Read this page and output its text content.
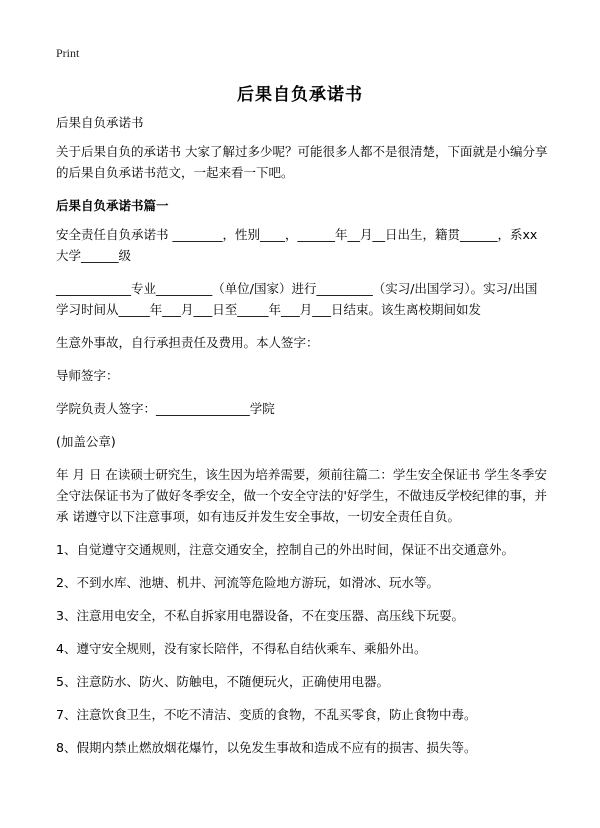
Print
后果自负承诺书

后果自负承诺书

关于后果自负的承诺书 大家了解过多少呢？可能很多人都不是很清楚，下面就是小编分享的后果自负承诺书范文，一起来看一下吧。

后果自负承诺书篇一

安全责任自负承诺书 ________，性别____，______年__月__日出生，籍贯______，系xx大学______级

____________专业_________（单位/国家）进行_________（实习/出国学习）。实习/出国学习时间从_____年___月___日至_____年___月___日结束。该生离校期间如发

生意外事故，自行承担责任及费用。本人签字：

导师签字：

学院负责人签字：_______________学院

(加盖公章)

年 月 日 在读硕士研究生，该生因为培养需要，须前往篇二：学生安全保证书 学生冬季安全守法保证书为了做好冬季安全，做一个安全守法的'好学生，不做违反学校纪律的事，并承 诺遵守以下注意事项，如有违反并发生安全事故，一切安全责任自负。

1、自觉遵守交通规则，注意交通安全，控制自己的外出时间，保证不出交通意外。

2、不到水库、池塘、机井、河流等危险地方游玩，如滑冰、玩水等。

3、注意用电安全，不私自拆家用电器设备，不在变压器、高压线下玩耍。

4、遵守安全规则，没有家长陪伴，不得私自结伙乘车、乘船外出。

5、注意防水、防火、防触电，不随便玩火，正确使用电器。

7、注意饮食卫生，不吃不清洁、变质的食物，不乱买零食，防止食物中毒。

8、假期内禁止燃放烟花爆竹，以免发生事故和造成不应有的损害、损失等。
